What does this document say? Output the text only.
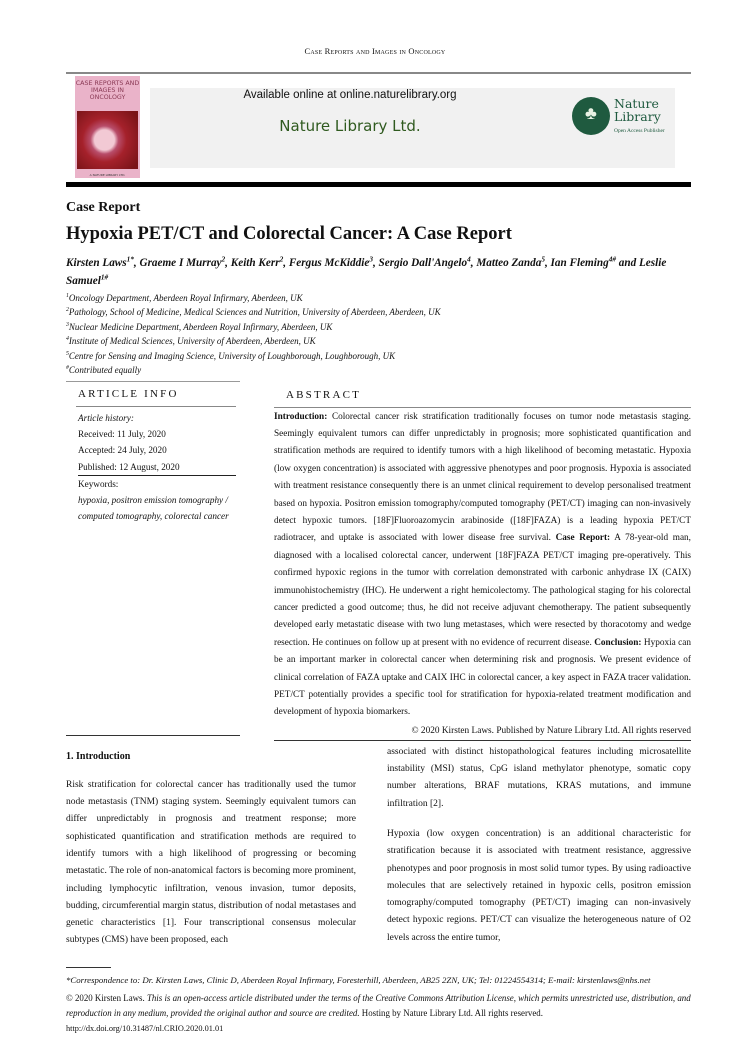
Case Reports and Images in Oncology
CASE REPORTS AND IMAGES IN ONCOLOGY
A NATURE LIBRARY LTD.
Available online at online.naturelibrary.org
Nature Library Ltd.
♣ Nature Library
Open Access Publisher
Case Report
Hypoxia PET/CT and Colorectal Cancer: A Case Report
Kirsten Laws$^{1*}$, Graeme I Murray$^2$, Keith Kerr$^2$, Fergus McKiddie$^3$, Sergio Dall'Angelo$^4$, Matteo Zanda$^5$, Ian Fleming$^{4\#}$ and Leslie Samuel$^{1\#}$
$^1$Oncology Department, Aberdeen Royal Infirmary, Aberdeen, UK
$^2$Pathology, School of Medicine, Medical Sciences and Nutrition, University of Aberdeen, Aberdeen, UK
$^3$Nuclear Medicine Department, Aberdeen Royal Infirmary, Aberdeen, UK
$^4$Institute of Medical Sciences, University of Aberdeen, Aberdeen, UK
$^5$Centre for Sensing and Imaging Science, University of Loughborough, Loughborough, UK
#Contributed equally
ARTICLE INFO
Article history:
Received: 11 July, 2020
Accepted: 24 July, 2020
Published: 12 August, 2020
Keywords:
hypoxia, positron emission tomography / computed tomography, colorectal cancer
ABSTRACT
Introduction: Colorectal cancer risk stratification traditionally focuses on tumor node metastasis staging. Seemingly equivalent tumors can differ unpredictably in prognosis; more sophisticated quantification and stratification methods are required to identify tumors with a high likelihood of becoming metastatic. Hypoxia (low oxygen concentration) is associated with aggressive phenotypes and poor prognosis. Hypoxia is associated with treatment resistance consequently there is an unmet clinical requirement to develop personalised treatment based on hypoxia. Positron emission tomography/computed tomography (PET/CT) imaging can non-invasively detect hypoxic tumors. [18F]Fluoroazomycin arabinoside ([18F]FAZA) is a leading hypoxia PET/CT radiotracer, and uptake is associated with lower disease free survival. Case Report: A 78-year-old man, diagnosed with a localised colorectal cancer, underwent [18F]FAZA PET/CT imaging pre-operatively. This confirmed hypoxic regions in the tumor with correlation demonstrated with carbonic anhydrase IX (CAIX) immunohistochemistry (IHC). He underwent a right hemicolectomy. The pathological staging for his colorectal cancer predicted a good outcome; thus, he did not receive adjuvant chemotherapy. The patient subsequently developed early metastatic disease with two lung metastases, which were resected by thoracotomy and wedge resection. He continues on follow up at present with no evidence of recurrent disease. Conclusion: Hypoxia can be an important marker in colorectal cancer when determining risk and prognosis. We present evidence of clinical correlation of FAZA uptake and CAIX IHC in colorectal cancer, a key aspect in FAZA tracer validation. PET/CT potentially provides a specific tool for stratification for hypoxia-related treatment modification and development of hypoxia biomarkers.
© 2020 Kirsten Laws. Published by Nature Library Ltd. All rights reserved
1. Introduction

Risk stratification for colorectal cancer has traditionally used the tumor node metastasis (TNM) staging system. Seemingly equivalent tumors can differ unpredictably in prognosis and treatment response; more sophisticated quantification and stratification methods are required to identify tumors with a high likelihood of progressing or becoming metastatic. The role of non-anatomical factors is becoming more prominent, including lymphocytic infiltration, venous invasion, tumor deposits, budding, circumferential margin status, distribution of nodal metastases and genetic characteristics [1]. Four transcriptional consensus molecular subtypes (CMS) have been proposed, each

associated with distinct histopathological features including microsatellite instability (MSI) status, CpG island methylator phenotype, somatic copy number alterations, BRAF mutations, KRAS mutations, and immune infiltration [2].

Hypoxia (low oxygen concentration) is an additional characteristic for stratification because it is associated with treatment resistance, aggressive phenotypes and poor prognosis in most solid tumor types. By using radioactive molecules that are selectively retained in hypoxic cells, positron emission tomography/computed tomography (PET/CT) imaging can non-invasively detect hypoxic regions. PET/CT can visualize the heterogeneous nature of O2 levels across the entire tumor,

*Correspondence to: Dr. Kirsten Laws, Clinic D, Aberdeen Royal Infirmary, Foresterhill, Aberdeen, AB25 2ZN, UK; Tel: 01224554314; E-mail: kirstenlaws@nhs.net
© 2020 Kirsten Laws. This is an open-access article distributed under the terms of the Creative Commons Attribution License, which permits unrestricted use, distribution, and reproduction in any medium, provided the original author and source are credited. Hosting by Nature Library Ltd. All rights reserved.
http://dx.doi.org/10.31487/nl.CRIO.2020.01.01
